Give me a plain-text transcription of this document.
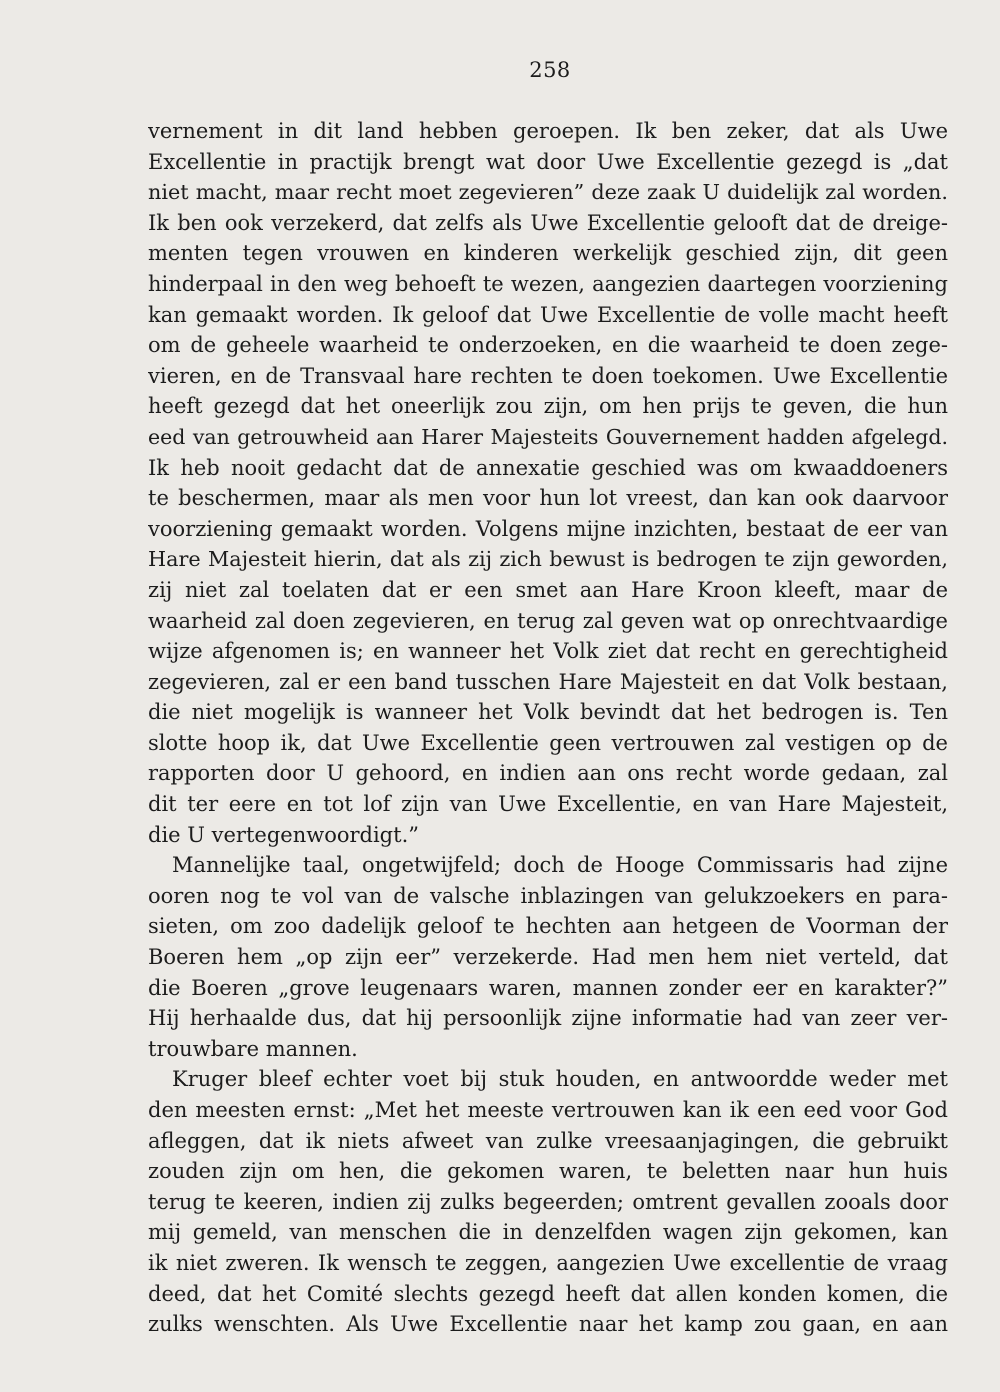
258
vernement in dit land hebben geroepen. Ik ben zeker, dat als Uwe
Excellentie in practijk brengt wat door Uwe Excellentie gezegd is „dat
niet macht, maar recht moet zegevieren” deze zaak U duidelijk zal worden.
Ik ben ook verzekerd, dat zelfs als Uwe Excellentie gelooft dat de dreige-
menten tegen vrouwen en kinderen werkelijk geschied zijn, dit geen
hinderpaal in den weg behoeft te wezen, aangezien daartegen voorziening
kan gemaakt worden. Ik geloof dat Uwe Excellentie de volle macht heeft
om de geheele waarheid te onderzoeken, en die waarheid te doen zege-
vieren, en de Transvaal hare rechten te doen toekomen. Uwe Excellentie
heeft gezegd dat het oneerlijk zou zijn, om hen prijs te geven, die hun
eed van getrouwheid aan Harer Majesteits Gouvernement hadden afgelegd.
Ik heb nooit gedacht dat de annexatie geschied was om kwaaddoeners
te beschermen, maar als men voor hun lot vreest, dan kan ook daarvoor
voorziening gemaakt worden. Volgens mijne inzichten, bestaat de eer van
Hare Majesteit hierin, dat als zij zich bewust is bedrogen te zijn geworden,
zij niet zal toelaten dat er een smet aan Hare Kroon kleeft, maar de
waarheid zal doen zegevieren, en terug zal geven wat op onrechtvaardige
wijze afgenomen is; en wanneer het Volk ziet dat recht en gerechtigheid
zegevieren, zal er een band tusschen Hare Majesteit en dat Volk bestaan,
die niet mogelijk is wanneer het Volk bevindt dat het bedrogen is. Ten
slotte hoop ik, dat Uwe Excellentie geen vertrouwen zal vestigen op de
rapporten door U gehoord, en indien aan ons recht worde gedaan, zal
dit ter eere en tot lof zijn van Uwe Excellentie, en van Hare Majesteit,
die U vertegenwoordigt.”
Mannelijke taal, ongetwijfeld; doch de Hooge Commissaris had zijne
ooren nog te vol van de valsche inblazingen van gelukzoekers en para-
sieten, om zoo dadelijk geloof te hechten aan hetgeen de Voorman der
Boeren hem „op zijn eer” verzekerde. Had men hem niet verteld, dat
die Boeren „grove leugenaars waren, mannen zonder eer en karakter?”
Hij herhaalde dus, dat hij persoonlijk zijne informatie had van zeer ver-
trouwbare mannen.
Kruger bleef echter voet bij stuk houden, en antwoordde weder met
den meesten ernst: „Met het meeste vertrouwen kan ik een eed voor God
afleggen, dat ik niets afweet van zulke vreesaanjagingen, die gebruikt
zouden zijn om hen, die gekomen waren, te beletten naar hun huis
terug te keeren, indien zij zulks begeerden; omtrent gevallen zooals door
mij gemeld, van menschen die in denzelfden wagen zijn gekomen, kan
ik niet zweren. Ik wensch te zeggen, aangezien Uwe excellentie de vraag
deed, dat het Comité slechts gezegd heeft dat allen konden komen, die
zulks wenschten. Als Uwe Excellentie naar het kamp zou gaan, en aan
